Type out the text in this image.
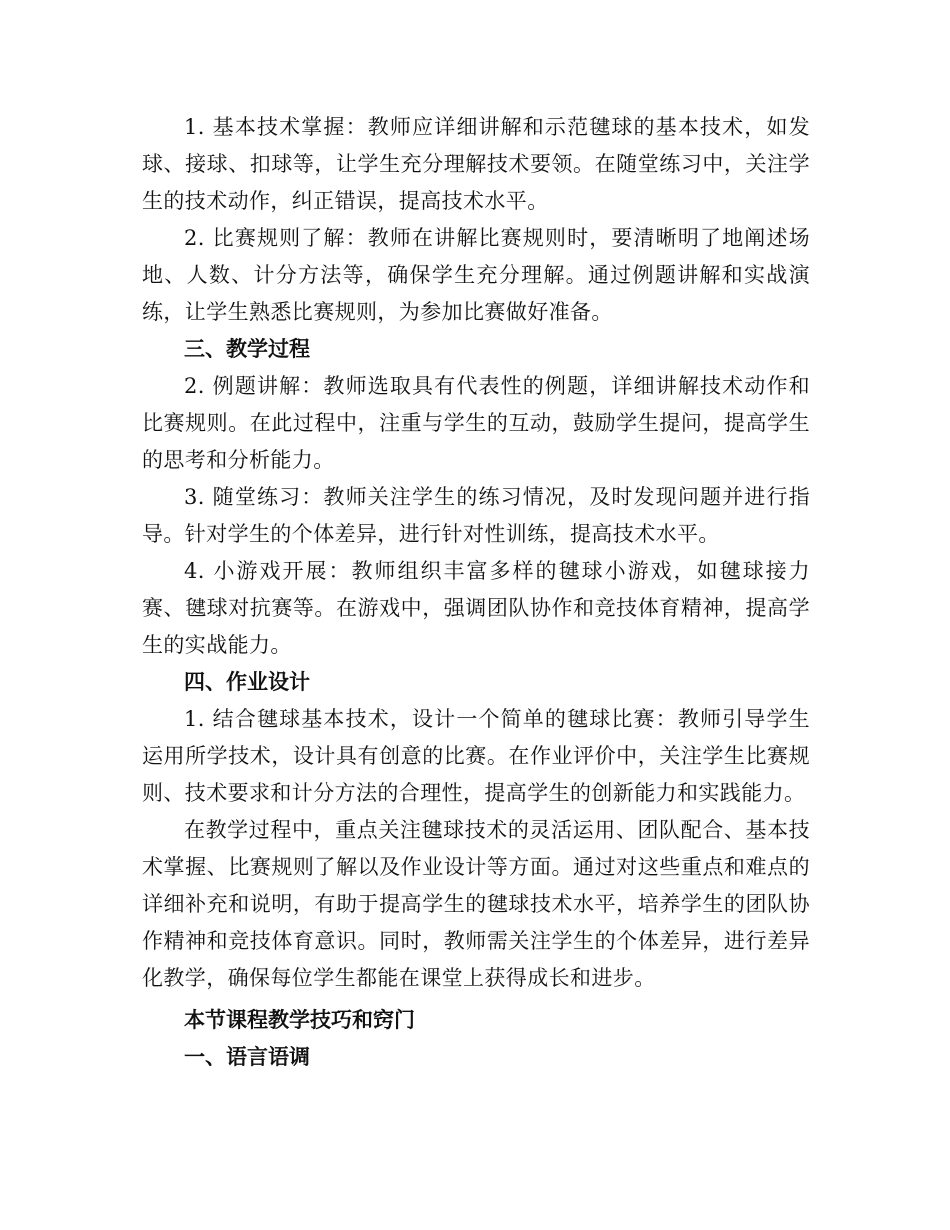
1. 基本技术掌握：教师应详细讲解和示范毽球的基本技术，如发球、接球、扣球等，让学生充分理解技术要领。在随堂练习中，关注学生的技术动作，纠正错误，提高技术水平。

2. 比赛规则了解：教师在讲解比赛规则时，要清晰明了地阐述场地、人数、计分方法等，确保学生充分理解。通过例题讲解和实战演练，让学生熟悉比赛规则，为参加比赛做好准备。

三、教学过程

2. 例题讲解：教师选取具有代表性的例题，详细讲解技术动作和比赛规则。在此过程中，注重与学生的互动，鼓励学生提问，提高学生的思考和分析能力。

3. 随堂练习：教师关注学生的练习情况，及时发现问题并进行指导。针对学生的个体差异，进行针对性训练，提高技术水平。

4. 小游戏开展：教师组织丰富多样的毽球小游戏，如毽球接力赛、毽球对抗赛等。在游戏中，强调团队协作和竞技体育精神，提高学生的实战能力。

四、作业设计

1. 结合毽球基本技术，设计一个简单的毽球比赛：教师引导学生运用所学技术，设计具有创意的比赛。在作业评价中，关注学生比赛规则、技术要求和计分方法的合理性，提高学生的创新能力和实践能力。

在教学过程中，重点关注毽球技术的灵活运用、团队配合、基本技术掌握、比赛规则了解以及作业设计等方面。通过对这些重点和难点的详细补充和说明，有助于提高学生的毽球技术水平，培养学生的团队协作精神和竞技体育意识。同时，教师需关注学生的个体差异，进行差异化教学，确保每位学生都能在课堂上获得成长和进步。

本节课程教学技巧和窍门
一、语言语调
